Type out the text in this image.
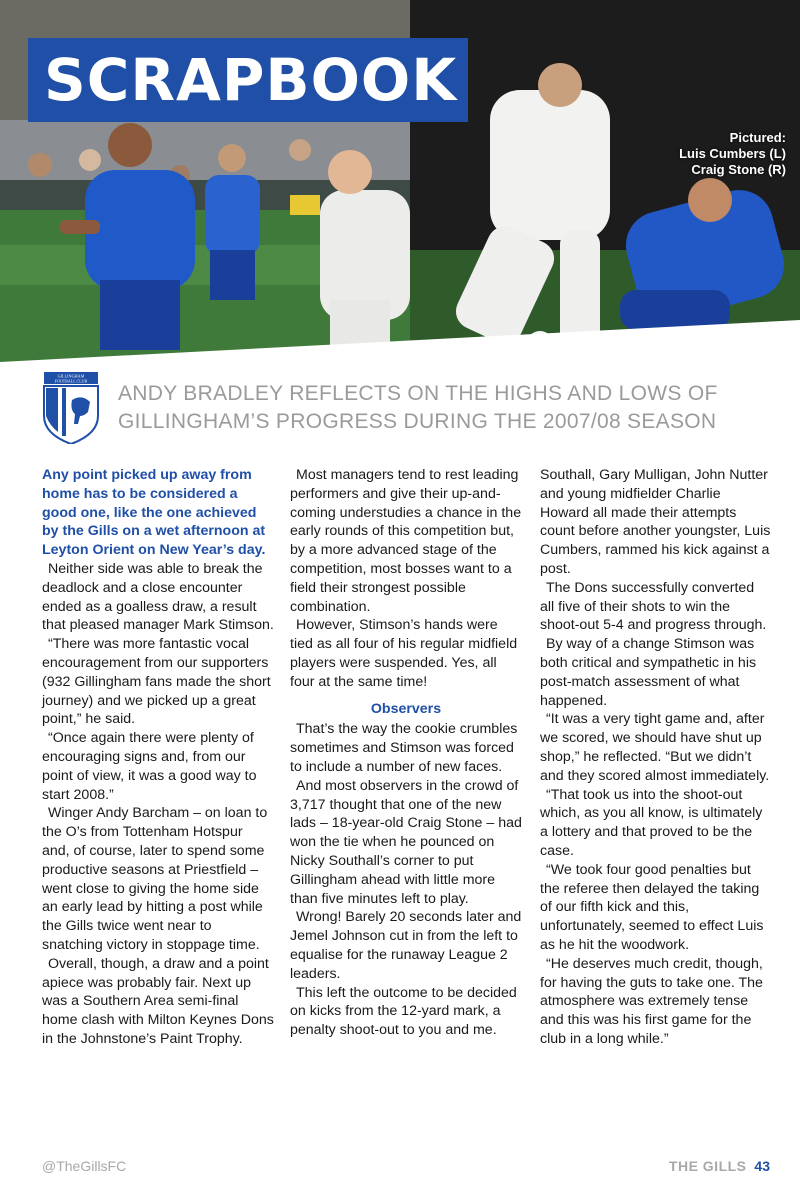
SCRAPBOOK
Pictured:
Luis Cumbers (L)
Craig Stone (R)
GILLINGHAM
FOOTBALL CLUB
ANDY BRADLEY REFLECTS ON THE HIGHS AND LOWS OF
GILLINGHAM’S PROGRESS DURING THE 2007/08 SEASON

Any point picked up away from home has to be considered a good one, like the one achieved by the Gills on a wet afternoon at Leyton Orient on New Year’s day.

Neither side was able to break the deadlock and a close encounter ended as a goalless draw, a result that pleased manager Mark Stimson.

“There was more fantastic vocal encouragement from our supporters (932 Gillingham fans made the short journey) and we picked up a great point,” he said.

“Once again there were plenty of encouraging signs and, from our point of view, it was a good way to start 2008.”

Winger Andy Barcham – on loan to the O’s from Tottenham Hotspur and, of course, later to spend some productive seasons at Priestfield – went close to giving the home side an early lead by hitting a post while the Gills twice went near to snatching victory in stoppage time.

Overall, though, a draw and a point apiece was probably fair. Next up was a Southern Area semi-final home clash with Milton Keynes Dons in the Johnstone’s Paint Trophy.

Most managers tend to rest leading performers and give their up-and-coming understudies a chance in the early rounds of this competition but, by a more advanced stage of the competition, most bosses want to a field their strongest possible combination.

However, Stimson’s hands were tied as all four of his regular midfield players were suspended. Yes, all four at the same time!

Observers

That’s the way the cookie crumbles sometimes and Stimson was forced to include a number of new faces.

And most observers in the crowd of 3,717 thought that one of the new lads – 18-year-old Craig Stone – had won the tie when he pounced on Nicky Southall’s corner to put Gillingham ahead with little more than five minutes left to play.

Wrong! Barely 20 seconds later and Jemel Johnson cut in from the left to equalise for the runaway League 2 leaders.

This left the outcome to be decided on kicks from the 12-yard mark, a penalty shoot-out to you and me.

Southall, Gary Mulligan, John Nutter and young midfielder Charlie Howard all made their attempts count before another youngster, Luis Cumbers, rammed his kick against a post.

The Dons successfully converted all five of their shots to win the shoot-out 5-4 and progress through.

By way of a change Stimson was both critical and sympathetic in his post-match assessment of what happened.

“It was a very tight game and, after we scored, we should have shut up shop,” he reflected. “But we didn’t and they scored almost immediately.

“That took us into the shoot-out which, as you all know, is ultimately a lottery and that proved to be the case.

“We took four good penalties but the referee then delayed the taking of our fifth kick and this, unfortunately, seemed to effect Luis as he hit the woodwork.

“He deserves much credit, though, for having the guts to take one. The atmosphere was extremely tense and this was his first game for the club in a long while.”

@TheGillsFC	THE GILLS 43
